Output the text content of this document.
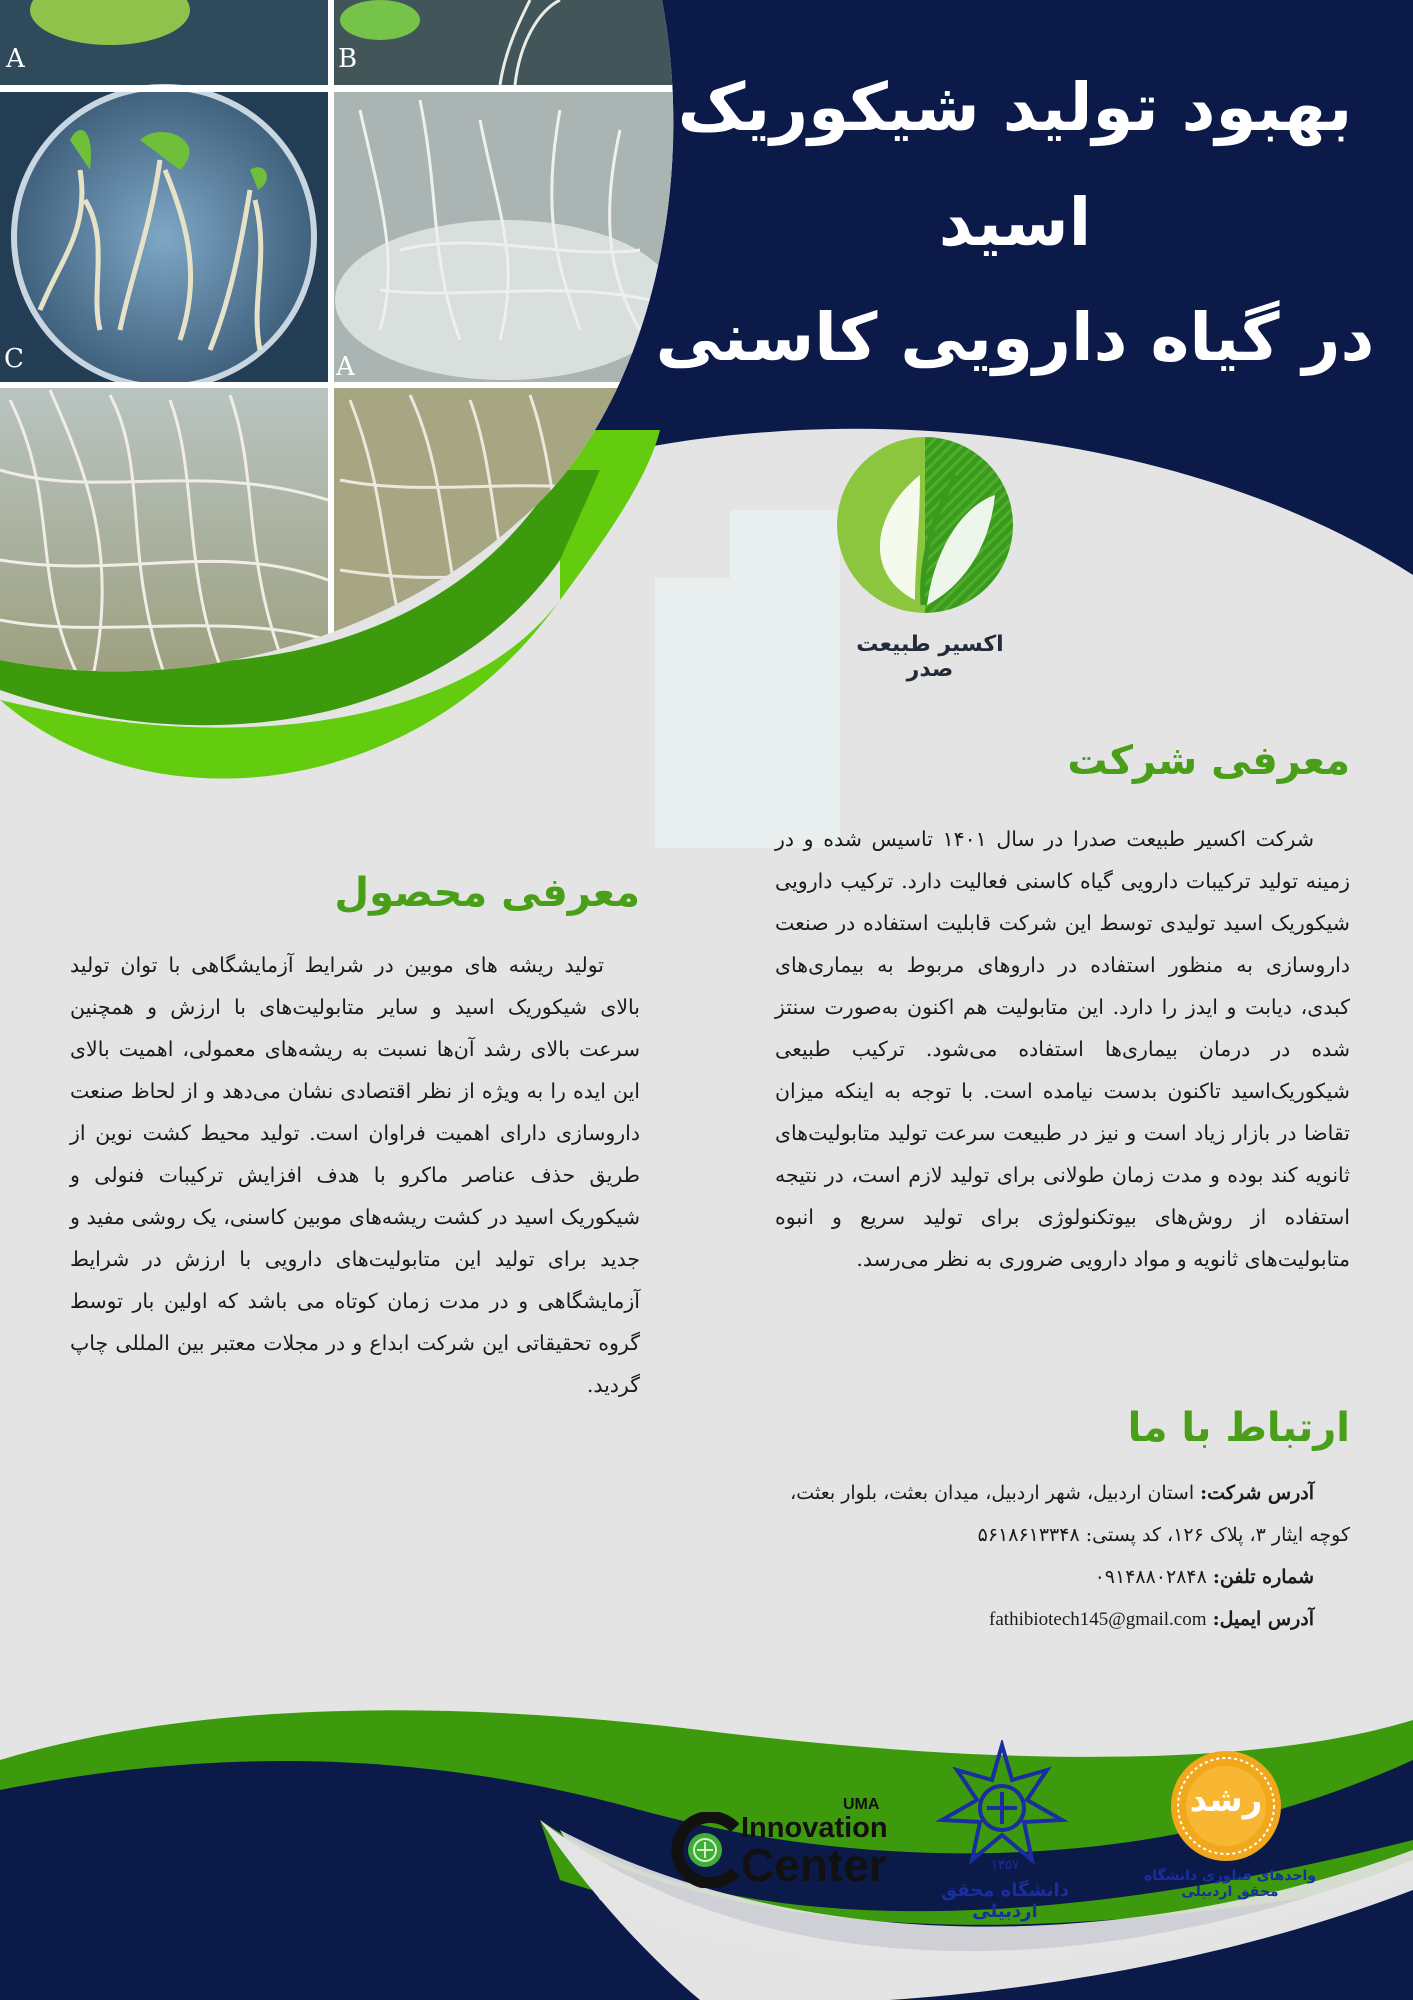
A	B
C	A
بهبود تولید شیکوریک اسید
در گیاه دارویی کاسنی
اکسیر طبیعت صدر
معرفی شرکت

شرکت اکسیر طبیعت صدرا در سال ۱۴۰۱ تاسیس شده و در زمینه تولید ترکیبات دارویی گیاه کاسنی فعالیت دارد. ترکیب دارویی شیکوریک اسید تولیدی توسط این شرکت قابلیت استفاده در صنعت داروسازی به منظور استفاده در داروهای مربوط به بیماری‌های کبدی، دیابت و ایدز را دارد. این متابولیت هم اکنون به‌صورت سنتز شده در درمان بیماری‌ها استفاده می‌شود. ترکیب طبیعی شیکوریک‌اسید تاکنون بدست نیامده است. با توجه به اینکه میزان تقاضا در بازار زیاد است و نیز در طبیعت سرعت تولید متابولیت‌های ثانویه کند بوده و مدت زمان طولانی برای تولید لازم است، در نتیجه استفاده از روش‌های بیوتکنولوژی برای تولید سریع و انبوه متابولیت‌های ثانویه و مواد دارویی ضروری به نظر می‌رسد.

معرفی محصول

تولید ریشه های موبین در شرایط آزمایشگاهی با توان تولید بالای شیکوریک اسید و سایر متابولیت‌های با ارزش و همچنین سرعت بالای رشد آن‌ها نسبت به ریشه‌های معمولی، اهمیت بالای این ایده را به ویژه از نظر اقتصادی نشان می‌دهد و از لحاظ صنعت داروسازی دارای اهمیت فراوان است. تولید محیط کشت نوین از طریق حذف عناصر ماکرو با هدف افزایش ترکیبات فنولی و شیکوریک اسید در کشت ریشه‌های موبین کاسنی، یک روشی مفید و جدید برای تولید این متابولیت‌های دارویی با ارزش در شرایط آزمایشگاهی و در مدت زمان کوتاه می باشد که اولین بار توسط گروه تحقیقاتی این شرکت ابداع و در مجلات معتبر بین المللی چاپ گردید.

ارتباط با ما
آدرس شرکت: استان اردبیل، شهر اردبیل، میدان بعثت، بلوار بعثت،
کوچه ایثار ۳، پلاک ۱۲۶، کد پستی: ۵۶۱۸۶۱۳۳۴۸
شماره تلفن: ۰۹۱۴۸۸۰۲۸۴۸
آدرس ایمیل: fathibiotech145@gmail.com
UMA
Innovation
Center	۱۳۵۷
دانشگاه محقق اردبیلی
رشد
واحد‌های فناوری دانشگاه محقق اردبیلی
